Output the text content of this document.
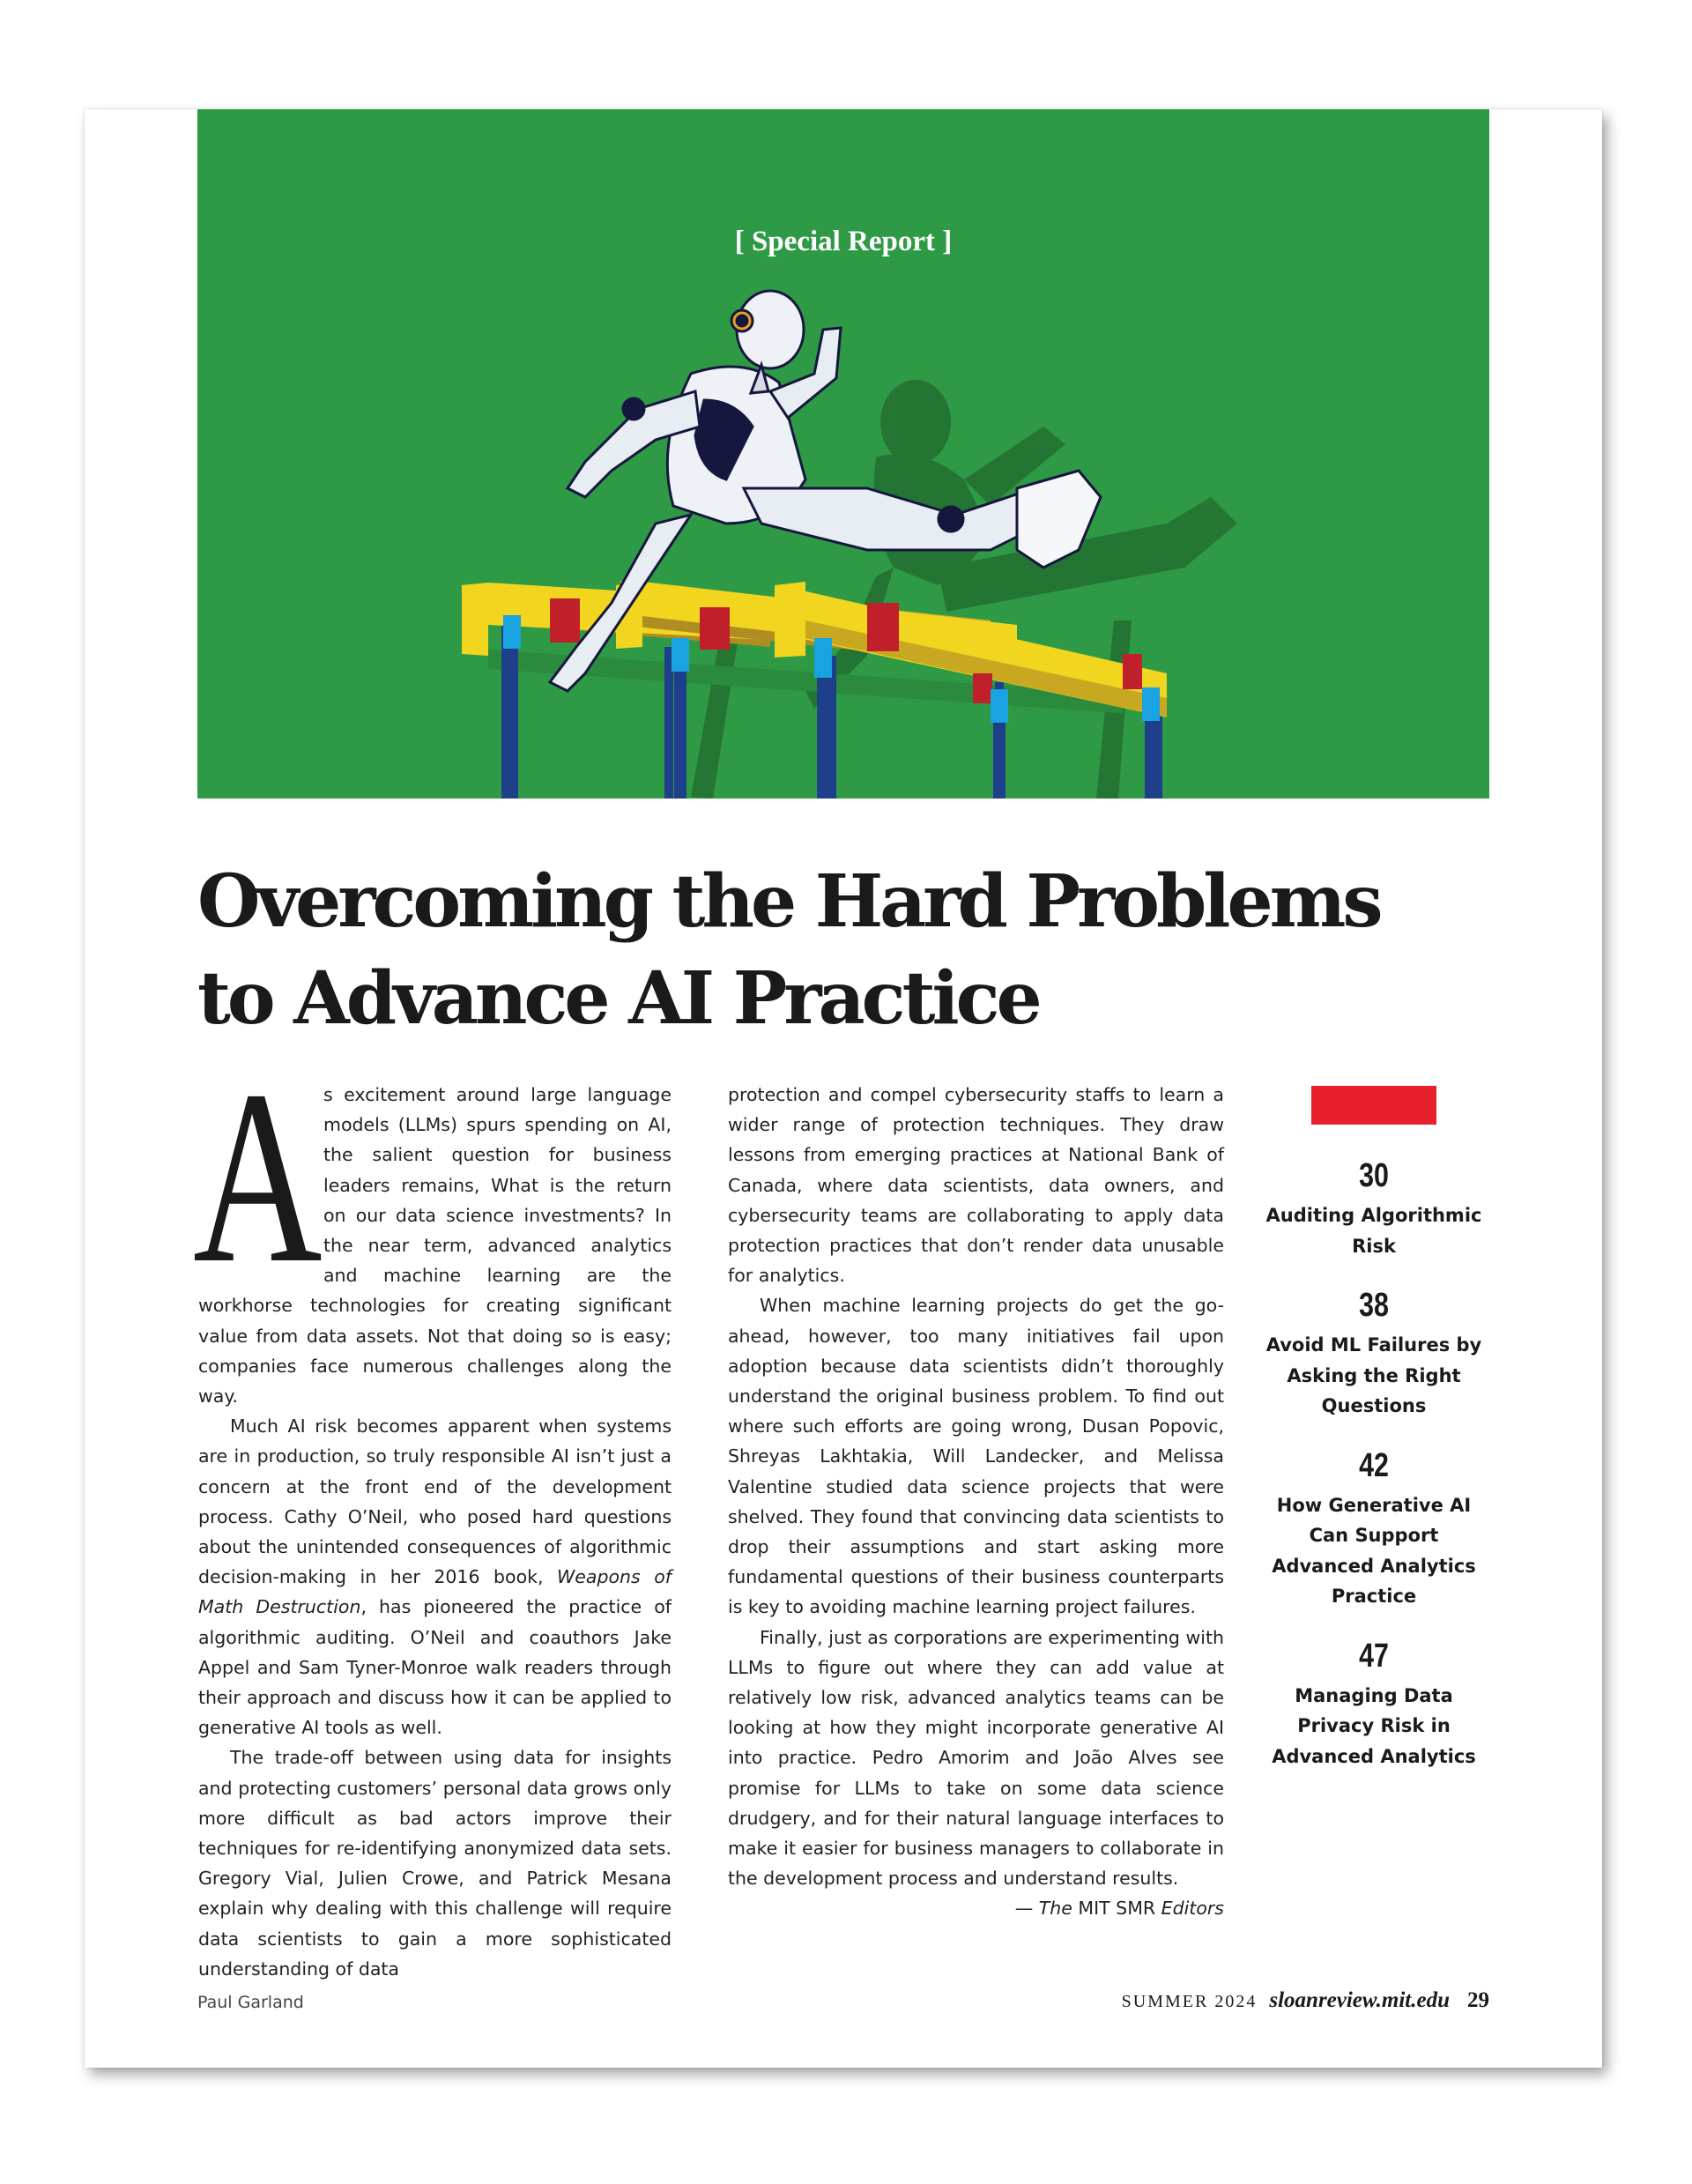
[ Special Report ]
Overcoming the Hard Problems
to Advance AI Practice
A s excitement around large language models (LLMs) spurs spending on AI, the salient question for business leaders remains, What is the return on our data science investments? In the near term, advanced analytics and machine learning are the workhorse technologies for creating significant value from data assets. Not that doing so is easy; companies face numerous challenges along the way.

Much AI risk becomes apparent when systems are in production, so truly responsible AI isn’t just a concern at the front end of the development process. Cathy O’Neil, who posed hard questions about the unintended consequences of algorithmic decision-making in her 2016 book, Weapons of Math Destruction, has pioneered the practice of algorithmic auditing. O’Neil and coauthors Jake Appel and Sam Tyner-Monroe walk readers through their approach and discuss how it can be applied to generative AI tools as well.

The trade-off between using data for insights and protecting customers’ personal data grows only more difficult as bad actors improve their techniques for re-identifying anonymized data sets. Gregory Vial, Julien Crowe, and Patrick Mesana explain why dealing with this challenge will require data scientists to gain a more sophisticated understanding of data

protection and compel cybersecurity staffs to learn a wider range of protection techniques. They draw lessons from emerging practices at National Bank of Canada, where data scientists, data owners, and cybersecurity teams are collaborating to apply data protection practices that don’t render data unusable for analytics.

When machine learning projects do get the go-ahead, however, too many initiatives fail upon adoption because data scientists didn’t thoroughly understand the original business problem. To find out where such efforts are going wrong, Dusan Popovic, Shreyas Lakhtakia, Will Landecker, and Melissa Valentine studied data science projects that were shelved. They found that convincing data scientists to drop their assumptions and start asking more fundamental questions of their business counterparts is key to avoiding machine learning project failures.

Finally, just as corporations are experimenting with LLMs to figure out where they can add value at relatively low risk, advanced analytics teams can be looking at how they might incorporate generative AI into practice. Pedro Amorim and João Alves see promise for LLMs to take on some data science drudgery, and for their natural language interfaces to make it easier for business managers to collaborate in the development process and understand results.

— The MIT SMR Editors

30
Auditing Algorithmic Risk
38
Avoid ML Failures by Asking the Right Questions
42
How Generative AI Can Support Advanced Analytics Practice
47
Managing Data Privacy Risk in Advanced Analytics
Paul Garland	SUMMER 2024 sloanreview.mit.edu 29
